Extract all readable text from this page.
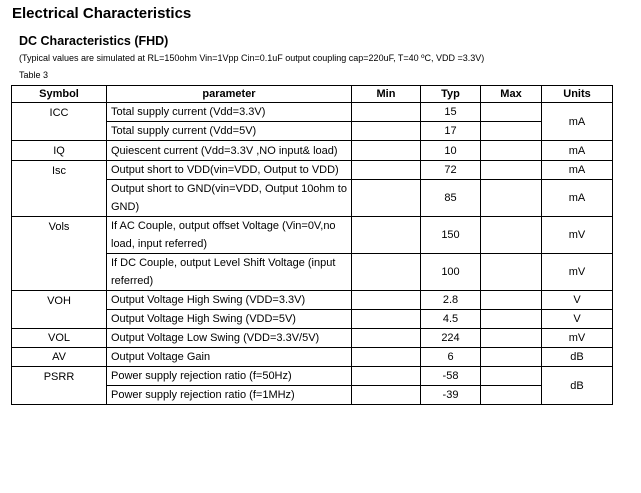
Electrical Characteristics
DC Characteristics (FHD)
(Typical values are simulated at RL=150ohm Vin=1Vpp Cin=0.1uF output coupling cap=220uF, T=40 ºC, VDD =3.3V)
Table 3
Symbol	parameter	Min	Typ	Max	Units
ICC	Total supply current (Vdd=3.3V)		15		mA
	Total supply current (Vdd=5V)		17		
IQ	Quiescent current (Vdd=3.3V ,NO input& load)		10		mA
Isc	Output short to VDD(vin=VDD, Output to VDD)		72		mA
	Output short to GND(vin=VDD, Output 10ohm to GND)		85		mA
Vols	If AC Couple, output offset Voltage (Vin=0V,no load, input referred)		150		mV
	If DC Couple, output Level Shift Voltage (input referred)		100		mV
VOH	Output Voltage High Swing (VDD=3.3V)		2.8		V
	Output Voltage High Swing (VDD=5V)		4.5		V
VOL	Output Voltage Low Swing (VDD=3.3V/5V)		224		mV
AV	Output Voltage Gain		6		dB
PSRR	Power supply rejection ratio (f=50Hz)		-58		dB
	Power supply rejection ratio (f=1MHz)		-39		
